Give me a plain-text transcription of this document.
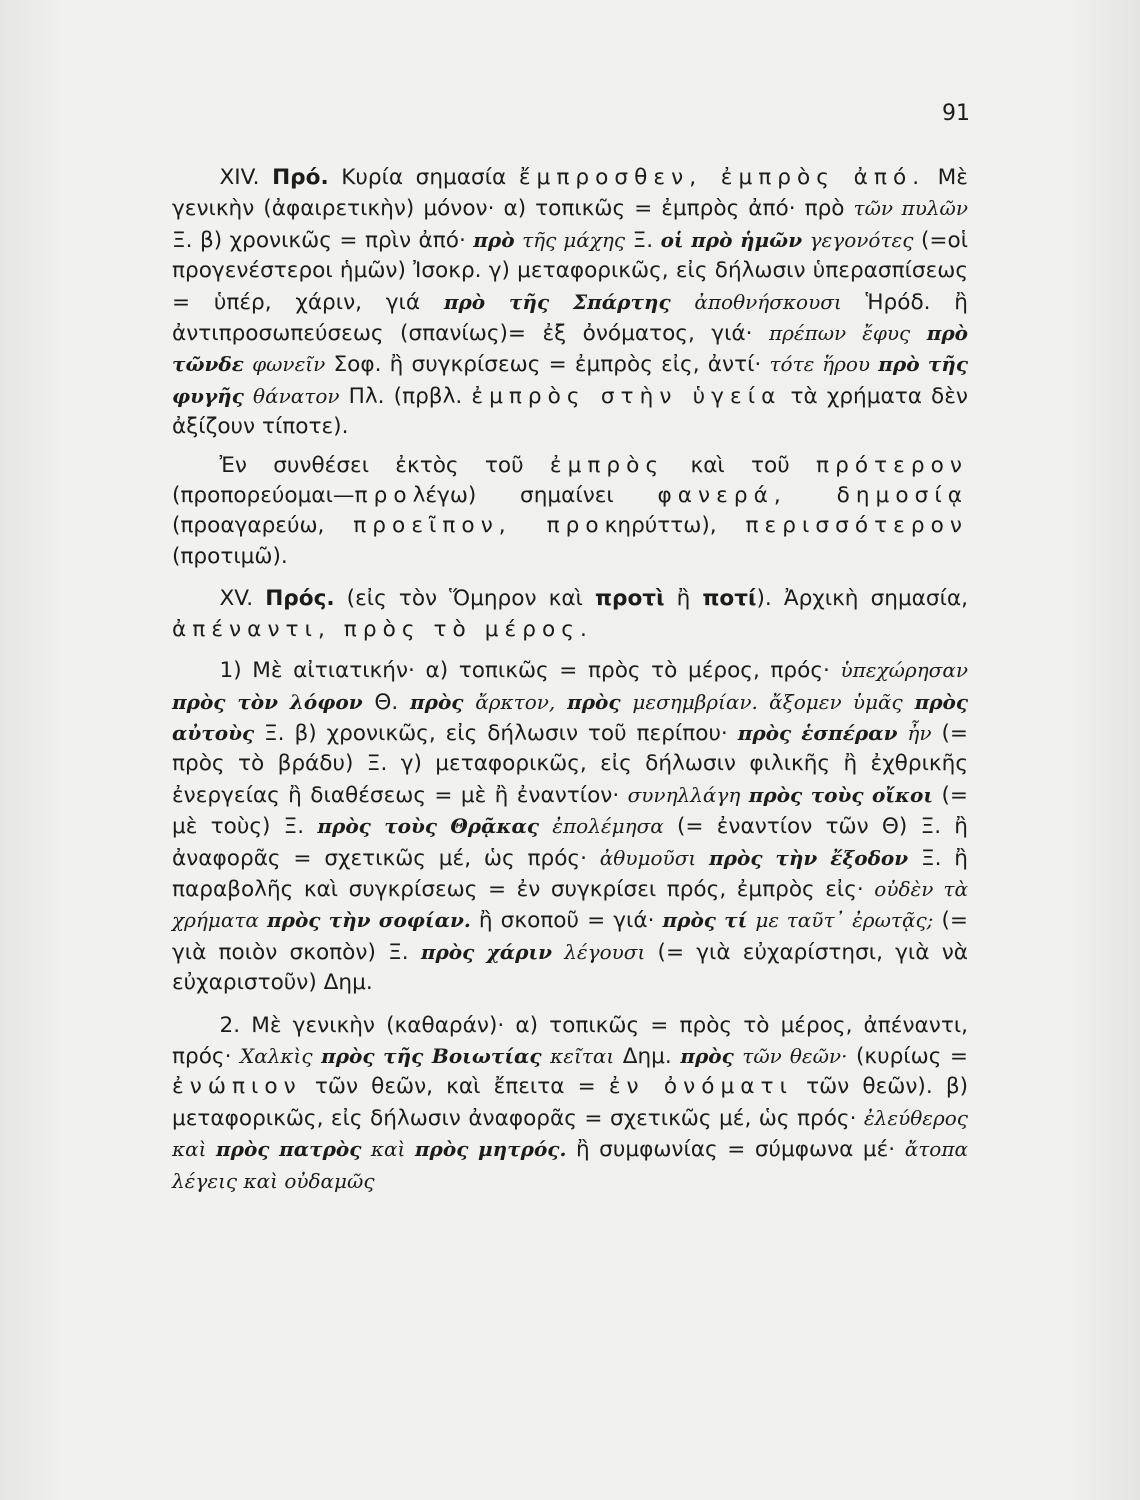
91

XIV. Πρό. Κυρία σημασία ἔμπροσθεν, ἐμπρὸς ἀπό. Μὲ γενικὴν (ἀφαιρετικὴν) μόνον· α) τοπικῶς = ἐμπρὸς ἀπό· πρὸ τῶν πυλῶν Ξ. β) χρονικῶς = πρὶν ἀπό· πρὸ τῆς μάχης Ξ. οἱ πρὸ ἡμῶν γεγονότες (=οἱ προγενέστεροι ἡμῶν) Ἰσοκρ. γ) μεταφορικῶς, εἰς δήλωσιν ὑπερασπίσεως = ὑπέρ, χάριν, γιά πρὸ τῆς Σπάρτης ἀποθνήσκουσι Ἡρόδ. ἢ ἀντιπροσωπεύσεως (σπανίως)= ἐξ ὀνόματος, γιά· πρέπων ἔφυς πρὸ τῶνδε φωνεῖν Σοφ. ἢ συγκρίσεως = ἐμπρὸς εἰς, ἀντί· τότε ἥρου πρὸ τῆς φυγῆς θάνατον Πλ. (πρβλ. ἐμπρὸς στὴν ὑγεία τὰ χρήματα δὲν ἀξίζουν τίποτε).

Ἐν συνθέσει ἐκτὸς τοῦ ἐμπρὸς καὶ τοῦ πρότερον (προπορεύομαι—προλέγω) σημαίνει φανερά, δημοσίᾳ (προαγαρεύω, προεῖπον, προκηρύττω), περισσότερον (προτιμῶ).

XV. Πρός. (εἰς τὸν Ὅμηρον καὶ προτὶ ἢ ποτί). Ἀρχικὴ σημασία, ἀπέναντι, πρὸς τὸ μέρος.

1) Μὲ αἰτιατικήν· α) τοπικῶς = πρὸς τὸ μέρος, πρός· ὑπεχώρησαν πρὸς τὸν λόφον Θ. πρὸς ἄρκτον, πρὸς μεσημβρίαν. ἄξομεν ὑμᾶς πρὸς αὐτοὺς Ξ. β) χρονικῶς, εἰς δήλωσιν τοῦ περίπου· πρὸς ἑσπέραν ἦν (= πρὸς τὸ βράδυ) Ξ. γ) μεταφορικῶς, εἰς δήλωσιν φιλικῆς ἢ ἐχθρικῆς ἐνεργείας ἢ διαθέσεως = μὲ ἢ ἐναντίον· συνηλλάγη πρὸς τοὺς οἴκοι (= μὲ τοὺς) Ξ. πρὸς τοὺς Θρᾷκας ἐπολέμησα (= ἐναντίον τῶν Θ) Ξ. ἢ ἀναφορᾶς = σχετικῶς μέ, ὡς πρός· ἀθυμοῦσι πρὸς τὴν ἔξοδον Ξ. ἢ παραβολῆς καὶ συγκρίσεως = ἐν συγκρίσει πρός, ἐμπρὸς εἰς· οὐδὲν τὰ χρήματα πρὸς τὴν σοφίαν. ἢ σκοποῦ = γιά· πρὸς τί με ταῦτ᾽ ἐρωτᾷς; (= γιὰ ποιὸν σκοπὸν) Ξ. πρὸς χάριν λέγουσι (= γιὰ εὐχαρίστησι, γιὰ νὰ εὐχαριστοῦν) Δημ.

2. Μὲ γενικὴν (καθαράν)· α) τοπικῶς = πρὸς τὸ μέρος, ἀπέναντι, πρός· Χαλκὶς πρὸς τῆς Βοιωτίας κεῖται Δημ. πρὸς τῶν θεῶν· (κυρίως = ἐνώπιον τῶν θεῶν, καὶ ἔπειτα = ἐν ὀνόματι τῶν θεῶν). β) μεταφορικῶς, εἰς δήλωσιν ἀναφορᾶς = σχετικῶς μέ, ὡς πρός· ἐλεύθερος καὶ πρὸς πατρὸς καὶ πρὸς μητρός. ἢ συμφωνίας = σύμφωνα μέ· ἄτοπα λέγεις καὶ οὐδαμῶς
